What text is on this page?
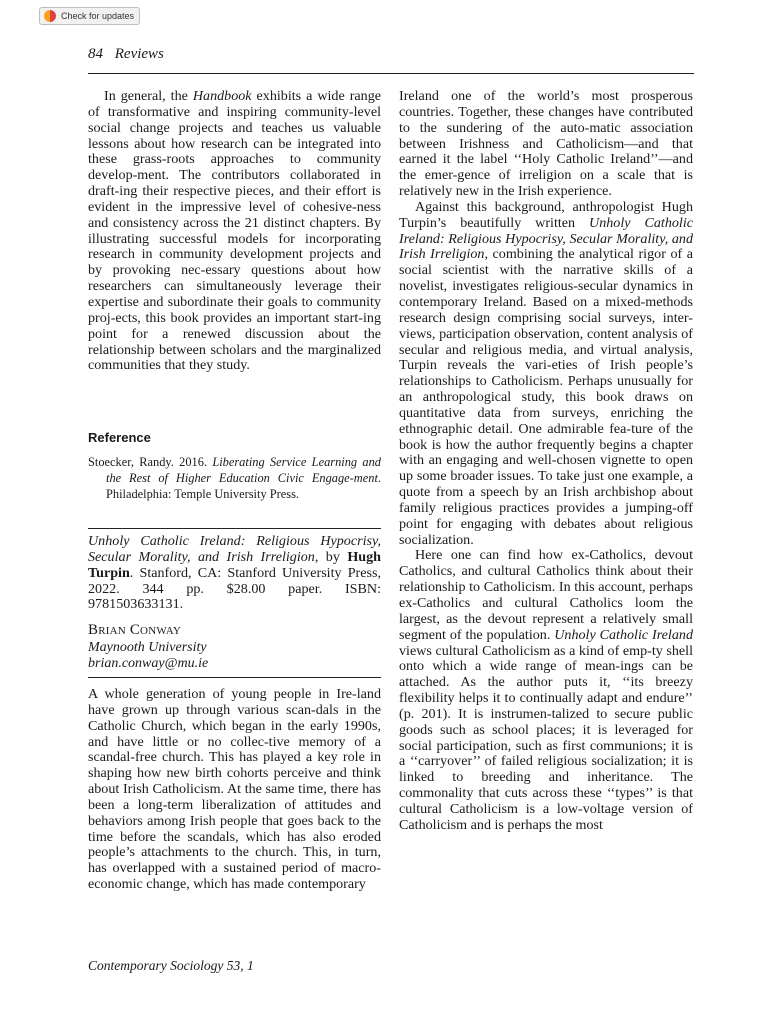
Check for updates
84 Reviews

In general, the Handbook exhibits a wide range of transformative and inspiring community-level social change projects and teaches us valuable lessons about how research can be integrated into these grass-roots approaches to community develop-ment. The contributors collaborated in draft-ing their respective pieces, and their effort is evident in the impressive level of cohesive-ness and consistency across the 21 distinct chapters. By illustrating successful models for incorporating research in community development projects and by provoking nec-essary questions about how researchers can simultaneously leverage their expertise and subordinate their goals to community proj-ects, this book provides an important start-ing point for a renewed discussion about the relationship between scholars and the marginalized communities that they study.

Reference
Stoecker, Randy. 2016. Liberating Service Learning and the Rest of Higher Education Civic Engage-ment. Philadelphia: Temple University Press.
Unholy Catholic Ireland: Religious Hypocrisy, Secular Morality, and Irish Irreligion, by Hugh Turpin. Stanford, CA: Stanford University Press, 2022. 344 pp. $28.00 paper. ISBN: 9781503633131.
Brian Conway
Maynooth University
brian.conway@mu.ie

A whole generation of young people in Ire-land have grown up through various scan-dals in the Catholic Church, which began in the early 1990s, and have little or no collec-tive memory of a scandal-free church. This has played a key role in shaping how new birth cohorts perceive and think about Irish Catholicism. At the same time, there has been a long-term liberalization of attitudes and behaviors among Irish people that goes back to the time before the scandals, which has also eroded people’s attachments to the church. This, in turn, has overlapped with a sustained period of macro-economic change, which has made contemporary

Ireland one of the world’s most prosperous countries. Together, these changes have contributed to the sundering of the auto-matic association between Irishness and Catholicism—and that earned it the label ‘‘Holy Catholic Ireland’’—and the emer-gence of irreligion on a scale that is relatively new in the Irish experience.

Against this background, anthropologist Hugh Turpin’s beautifully written Unholy Catholic Ireland: Religious Hypocrisy, Secular Morality, and Irish Irreligion, combining the analytical rigor of a social scientist with the narrative skills of a novelist, investigates religious-secular dynamics in contemporary Ireland. Based on a mixed-methods research design comprising social surveys, inter-views, participation observation, content analysis of secular and religious media, and virtual analysis, Turpin reveals the vari-eties of Irish people’s relationships to Catholicism. Perhaps unusually for an anthropological study, this book draws on quantitative data from surveys, enriching the ethnographic detail. One admirable fea-ture of the book is how the author frequently begins a chapter with an engaging and well-chosen vignette to open up some broader issues. To take just one example, a quote from a speech by an Irish archbishop about family religious practices provides a jumping-off point for engaging with debates about religious socialization.

Here one can find how ex-Catholics, devout Catholics, and cultural Catholics think about their relationship to Catholicism. In this account, perhaps ex-Catholics and cultural Catholics loom the largest, as the devout represent a relatively small segment of the population. Unholy Catholic Ireland views cultural Catholicism as a kind of emp-ty shell onto which a wide range of mean-ings can be attached. As the author puts it, ‘‘its breezy flexibility helps it to continually adapt and endure’’ (p. 201). It is instrumen-talized to secure public goods such as school places; it is leveraged for social participation, such as first communions; it is a ‘‘carryover’’ of failed religious socialization; it is linked to breeding and inheritance. The commonality that cuts across these ‘‘types’’ is that cultural Catholicism is a low-voltage version of Catholicism and is perhaps the most

Contemporary Sociology 53, 1
